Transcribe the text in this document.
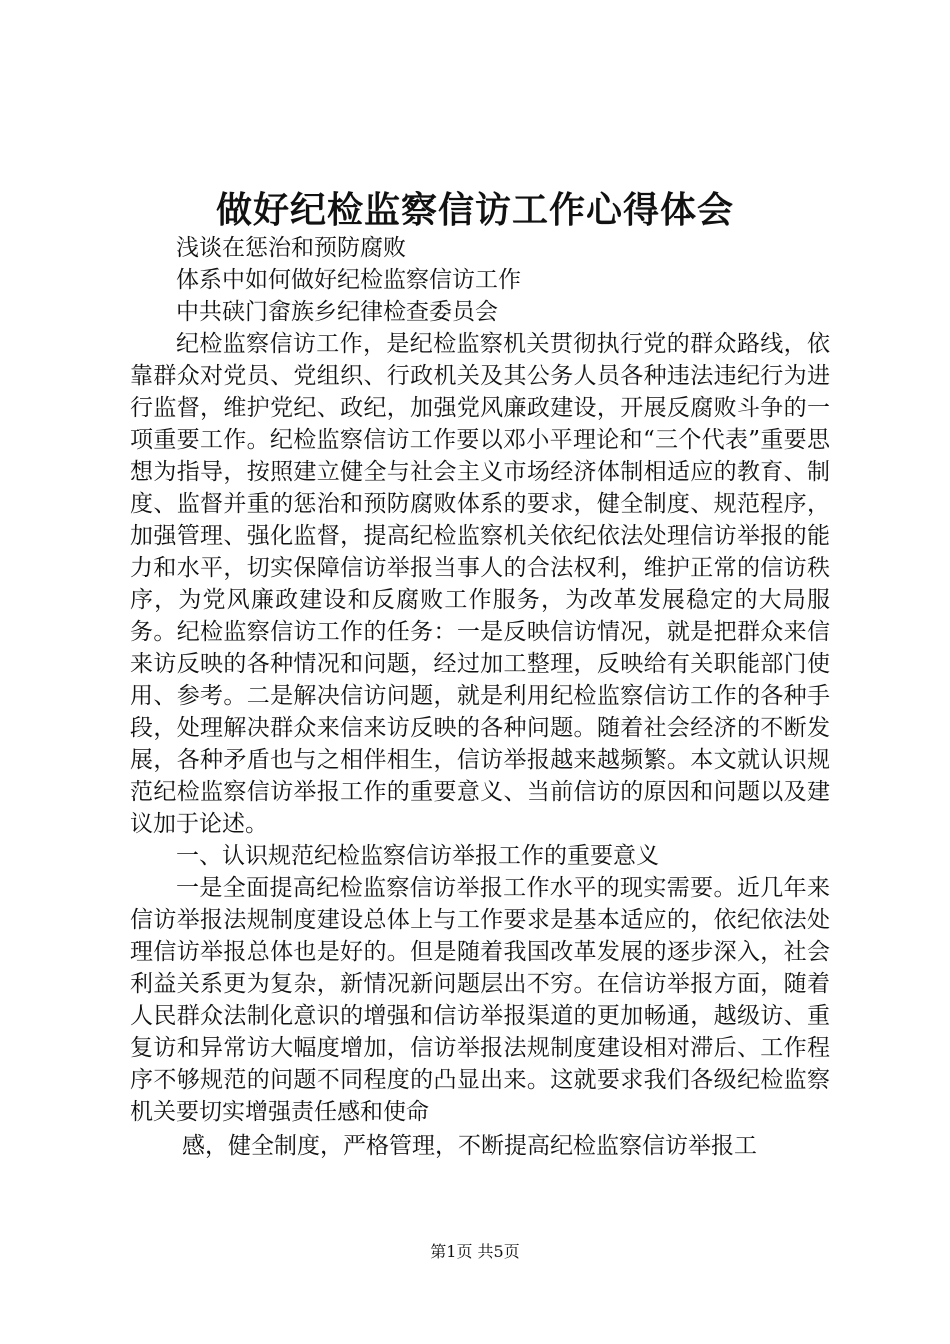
做好纪检监察信访工作心得体会

浅谈在惩治和预防腐败

体系中如何做好纪检监察信访工作

中共硖门畲族乡纪律检查委员会

纪检监察信访工作，是纪检监察机关贯彻执行党的群众路线，依靠群众对党员、党组织、行政机关及其公务人员各种违法违纪行为进行监督，维护党纪、政纪，加强党风廉政建设，开展反腐败斗争的一项重要工作。纪检监察信访工作要以邓小平理论和“三个代表”重要思想为指导，按照建立健全与社会主义市场经济体制相适应的教育、制度、监督并重的惩治和预防腐败体系的要求，健全制度、规范程序，加强管理、强化监督，提高纪检监察机关依纪依法处理信访举报的能力和水平，切实保障信访举报当事人的合法权利，维护正常的信访秩序，为党风廉政建设和反腐败工作服务，为改革发展稳定的大局服务。纪检监察信访工作的任务：一是反映信访情况，就是把群众来信来访反映的各种情况和问题，经过加工整理，反映给有关职能部门使用、参考。二是解决信访问题，就是利用纪检监察信访工作的各种手段，处理解决群众来信来访反映的各种问题。随着社会经济的不断发展，各种矛盾也与之相伴相生，信访举报越来越频繁。本文就认识规范纪检监察信访举报工作的重要意义、当前信访的原因和问题以及建议加于论述。

一、认识规范纪检监察信访举报工作的重要意义

一是全面提高纪检监察信访举报工作水平的现实需要。近几年来信访举报法规制度建设总体上与工作要求是基本适应的，依纪依法处理信访举报总体也是好的。但是随着我国改革发展的逐步深入，社会利益关系更为复杂，新情况新问题层出不穷。在信访举报方面，随着人民群众法制化意识的增强和信访举报渠道的更加畅通，越级访、重复访和异常访大幅度增加，信访举报法规制度建设相对滞后、工作程序不够规范的问题不同程度的凸显出来。这就要求我们各级纪检监察机关要切实增强责任感和使命

感，健全制度，严格管理，不断提高纪检监察信访举报工

第1页 共5页
